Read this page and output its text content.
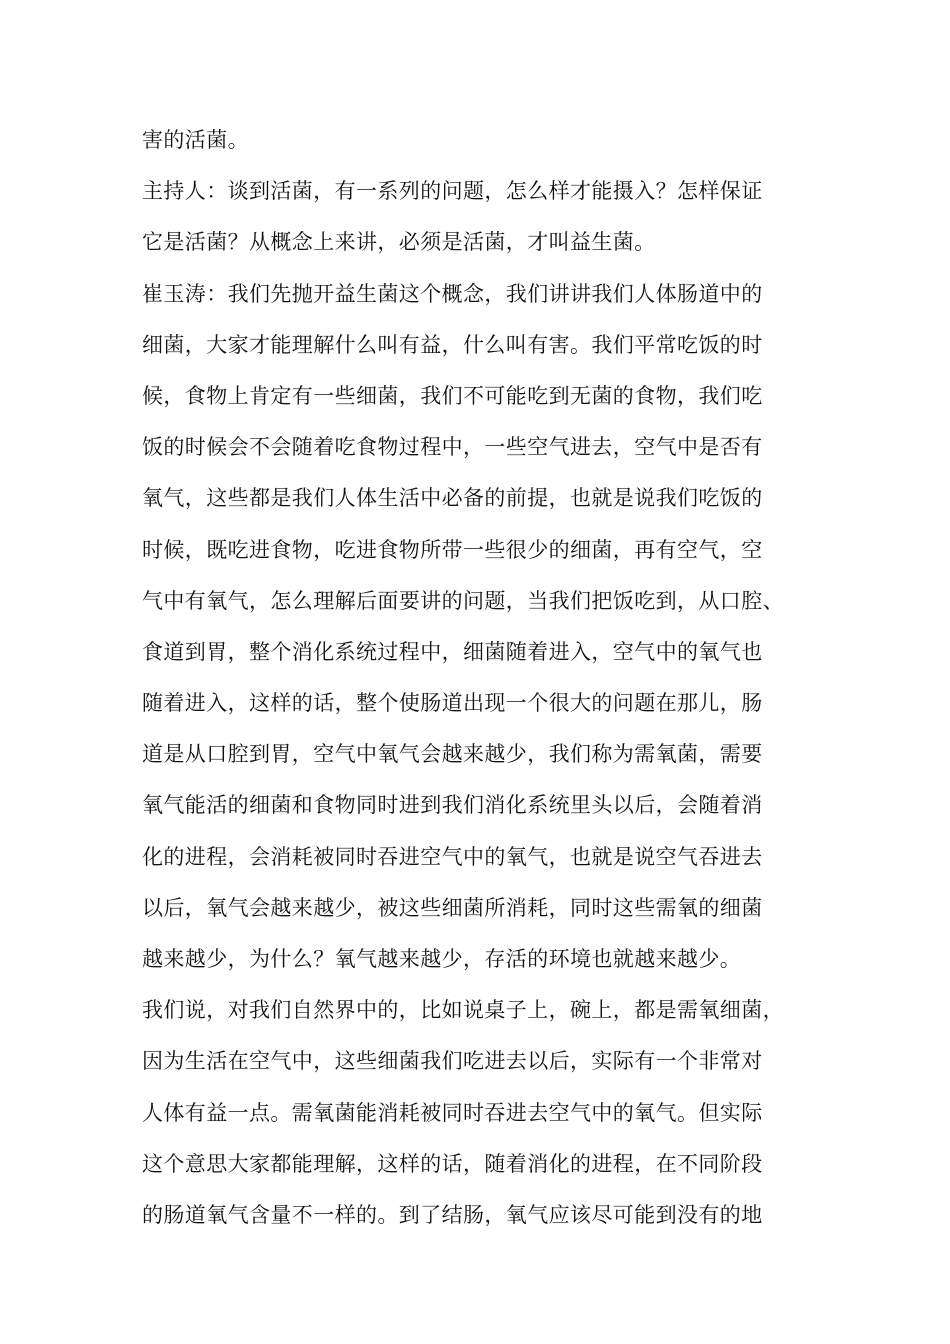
害的活菌。
主持人：谈到活菌，有一系列的问题，怎么样才能摄入？怎样保证
它是活菌？从概念上来讲，必须是活菌，才叫益生菌。
崔玉涛：我们先抛开益生菌这个概念，我们讲讲我们人体肠道中的
细菌，大家才能理解什么叫有益，什么叫有害。我们平常吃饭的时
候，食物上肯定有一些细菌，我们不可能吃到无菌的食物，我们吃
饭的时候会不会随着吃食物过程中，一些空气进去，空气中是否有
氧气，这些都是我们人体生活中必备的前提，也就是说我们吃饭的
时候，既吃进食物，吃进食物所带一些很少的细菌，再有空气，空
气中有氧气，怎么理解后面要讲的问题，当我们把饭吃到，从口腔、
食道到胃，整个消化系统过程中，细菌随着进入，空气中的氧气也
随着进入，这样的话，整个使肠道出现一个很大的问题在那儿，肠
道是从口腔到胃，空气中氧气会越来越少，我们称为需氧菌，需要
氧气能活的细菌和食物同时进到我们消化系统里头以后，会随着消
化的进程，会消耗被同时吞进空气中的氧气，也就是说空气吞进去
以后，氧气会越来越少，被这些细菌所消耗，同时这些需氧的细菌
越来越少，为什么？氧气越来越少，存活的环境也就越来越少。
我们说，对我们自然界中的，比如说桌子上，碗上，都是需氧细菌，
因为生活在空气中，这些细菌我们吃进去以后，实际有一个非常对
人体有益一点。需氧菌能消耗被同时吞进去空气中的氧气。但实际
这个意思大家都能理解，这样的话，随着消化的进程，在不同阶段
的肠道氧气含量不一样的。到了结肠，氧气应该尽可能到没有的地
